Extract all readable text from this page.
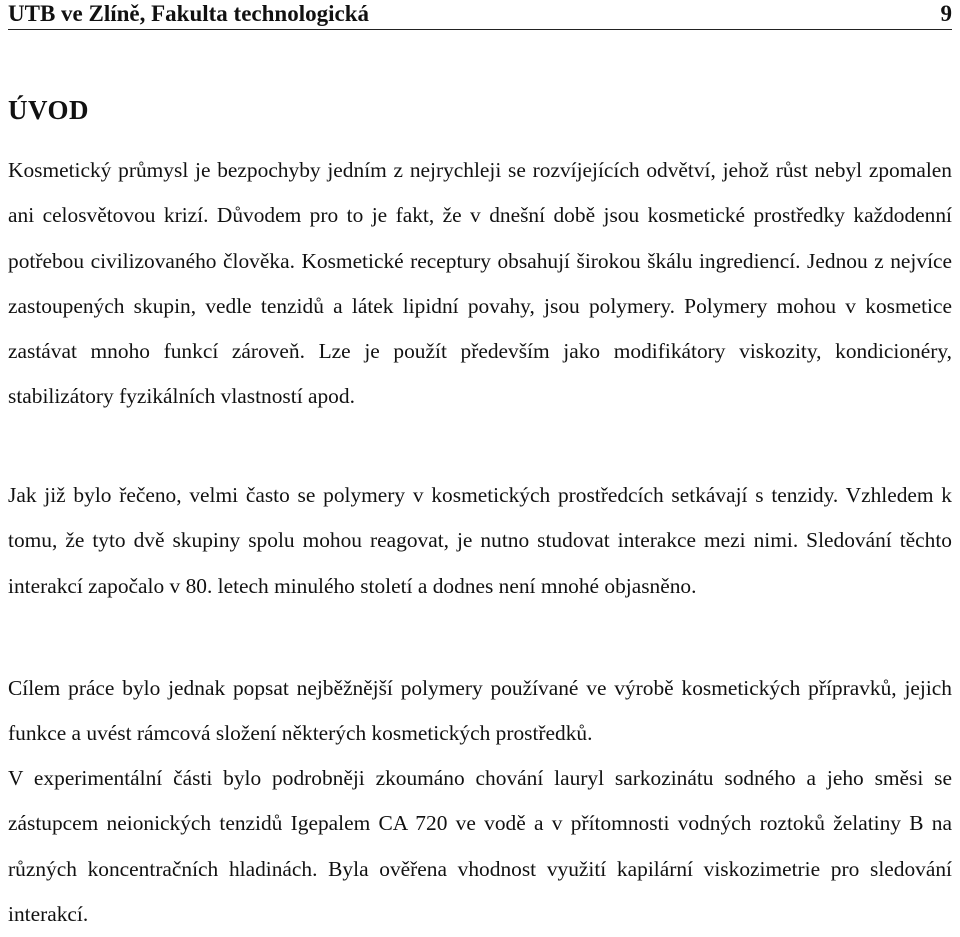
UTB ve Zlíně, Fakulta technologická	9
ÚVOD

Kosmetický průmysl je bezpochyby jedním z nejrychleji se rozvíjejících odvětví, jehož růst nebyl zpomalen ani celosvětovou krizí. Důvodem pro to je fakt, že v dnešní době jsou kosmetické prostředky každodenní potřebou civilizovaného člověka. Kosmetické receptury obsahují širokou škálu ingrediencí. Jednou z nejvíce zastoupených skupin, vedle tenzidů a látek lipidní povahy, jsou polymery. Polymery mohou v kosmetice zastávat mnoho funkcí zároveň. Lze je použít především jako modifikátory viskozity, kondicionéry, stabilizátory fyzikálních vlastností apod.

Jak již bylo řečeno, velmi často se polymery v kosmetických prostředcích setkávají s tenzidy. Vzhledem k tomu, že tyto dvě skupiny spolu mohou reagovat, je nutno studovat interakce mezi nimi. Sledování těchto interakcí započalo v 80. letech minulého století a dodnes není mnohé objasněno.

Cílem práce bylo jednak popsat nejběžnější polymery používané ve výrobě kosmetických přípravků, jejich funkce a uvést rámcová složení některých kosmetických prostředků.

V experimentální části bylo podrobněji zkoumáno chování lauryl sarkozinátu sodného a jeho směsi se zástupcem neionických tenzidů Igepalem CA 720 ve vodě a v přítomnosti vodných roztoků želatiny B na různých koncentračních hladinách. Byla ověřena vhodnost využití kapilární viskozimetrie pro sledování interakcí.
